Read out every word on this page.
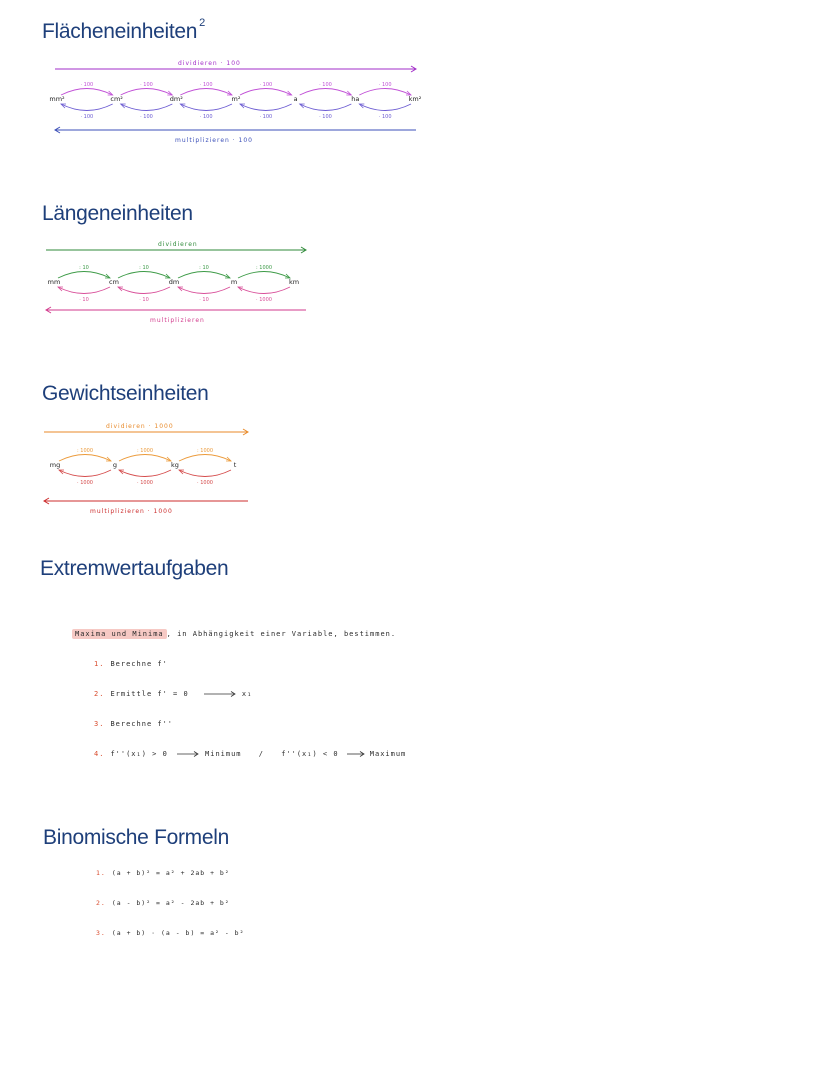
Flächeneinheiten $^2$
dividieren · 100
multiplizieren · 100
mm²	cm²	dm²	m²	a	ha	km²
· 100
· 100
· 100
· 100
· 100
· 100
· 100
· 100
· 100
· 100
· 100
· 100
Längeneinheiten
dividieren
multiplizieren
mm	cm	dm	m	km
: 10
· 10
: 10
· 10
: 10
· 10
: 1000
· 1000
Gewichtseinheiten
dividieren · 1000
multiplizieren · 1000
mg	g	kg	t
: 1000
· 1000
: 1000
· 1000
: 1000
· 1000
Extremwertaufgaben

Maxima und Minima , in Abhängigkeit einer Variable, bestimmen.

1. Berechne f'

2. Ermittle f' = 0	x₁

3. Berechne f''

4. f''(x₁) > 0	Minimum / f''(x₁) < 0	Maximum

Binomische Formeln

1. (a + b)² = a² + 2ab + b²

2. (a - b)² = a² - 2ab + b²

3. (a + b) · (a - b) = a² - b²
